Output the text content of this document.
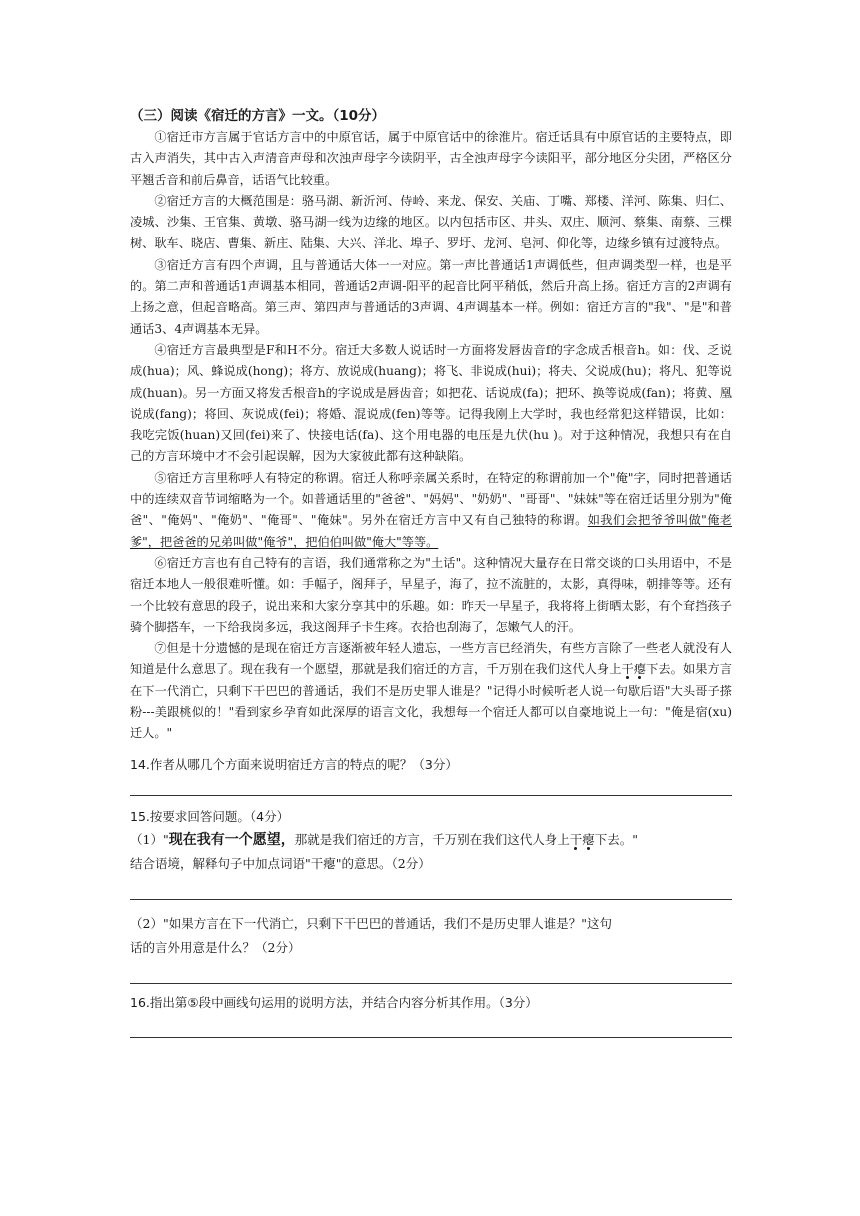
（三）阅读《宿迁的方言》一文。（10分）

①宿迁市方言属于官话方言中的中原官话，属于中原官话中的徐淮片。宿迁话具有中原官话的主要特点，即古入声消失，其中古入声清音声母和次浊声母字今读阴平，古全浊声母字今读阳平，部分地区分尖团，严格区分平翘舌音和前后鼻音，话语气比较重。

②宿迁方言的大概范围是：骆马湖、新沂河、侍岭、来龙、保安、关庙、丁嘴、郑楼、洋河、陈集、归仁、凌城、沙集、王官集、黄墩、骆马湖一线为边缘的地区。以内包括市区、井头、双庄、顺河、蔡集、南蔡、三棵树、耿车、晓店、曹集、新庄、陆集、大兴、洋北、埠子、罗圩、龙河、皂河、仰化等，边缘乡镇有过渡特点。

③宿迁方言有四个声调，且与普通话大体一一对应。第一声比普通话1声调低些，但声调类型一样，也是平的。第二声和普通话1声调基本相同，普通话2声调-阳平的起音比阿平稍低，然后升高上扬。宿迁方言的2声调有上扬之意，但起音略高。第三声、第四声与普通话的3声调、4声调基本一样。例如：宿迁方言的"我"、"是"和普通话3、4声调基本无异。

④宿迁方言最典型是F和H不分。宿迁大多数人说话时一方面将发唇齿音f的字念成舌根音h。如：伐、乏说成(hua)；风、蜂说成(hong)；将方、放说成(huang)；将飞、非说成(hui)；将夫、父说成(hu)；将凡、犯等说成(huan)。另一方面又将发舌根音h的字说成是唇齿音；如把花、话说成(fa)；把环、换等说成(fan)；将黄、凰说成(fang)；将回、灰说成(fei)；将婚、混说成(fen)等等。记得我刚上大学时，我也经常犯这样错误，比如：我吃完饭(huan)又回(fei)来了、快接电话(fa)、这个用电器的电压是九伏(hu )。对于这种情况，我想只有在自己的方言环境中才不会引起误解，因为大家彼此都有这种缺陷。

⑤宿迁方言里称呼人有特定的称谓。宿迁人称呼亲属关系时，在特定的称谓前加一个"俺"字，同时把普通话中的连续双音节词缩略为一个。如普通话里的"爸爸"、"妈妈"、"奶奶"、"哥哥"、"妹妹"等在宿迁话里分别为"俺爸"、"俺妈"、"俺奶"、"俺哥"、"俺妹"。另外在宿迁方言中又有自己独特的称谓。如我们会把爷爷叫做"俺老爹"，把爸爸的兄弟叫做"俺爷"，把伯伯叫做"俺大"等等。

⑥宿迁方言也有自己特有的言语，我们通常称之为"土话"。这种情况大量存在日常交谈的口头用语中，不是宿迁本地人一般很难听懂。如：手幅子，阁拜子，早星子，海了，拉不流脏的，太影，真得味，朝排等等。还有一个比较有意思的段子，说出来和大家分享其中的乐趣。如：昨天一早星子，我将将上街晒太影，有个耷挡孩子骑个脚搭车，一下给我岗多远，我这阁拜子卡生疼。衣拾也刮海了，怎嫩气人的汗。

⑦但是十分遗憾的是现在宿迁方言逐渐被年轻人遗忘，一些方言已经消失，有些方言除了一些老人就没有人知道是什么意思了。现在我有一个愿望，那就是我们宿迁的方言，千万别在我们这代人身上干瘪下去。如果方言在下一代消亡，只剩下干巴巴的普通话，我们不是历史罪人谁是？"记得小时候听老人说一句歇后语"大头哥子搽粉---美跟桃似的！"看到家乡孕育如此深厚的语言文化，我想每一个宿迁人都可以自豪地说上一句："俺是宿(xu)迁人。"

14.作者从哪几个方面来说明宿迁方言的特点的呢？（3分）

15.按要求回答问题。（4分）

（1）"现在我有一个愿望，那就是我们宿迁的方言，千万别在我们这代人身上干瘪下去。"

结合语境，解释句子中加点词语"干瘪"的意思。（2分）

（2）"如果方言在下一代消亡，只剩下干巴巴的普通话，我们不是历史罪人谁是？"这句

话的言外用意是什么？（2分）

16.指出第⑤段中画线句运用的说明方法，并结合内容分析其作用。（3分）
